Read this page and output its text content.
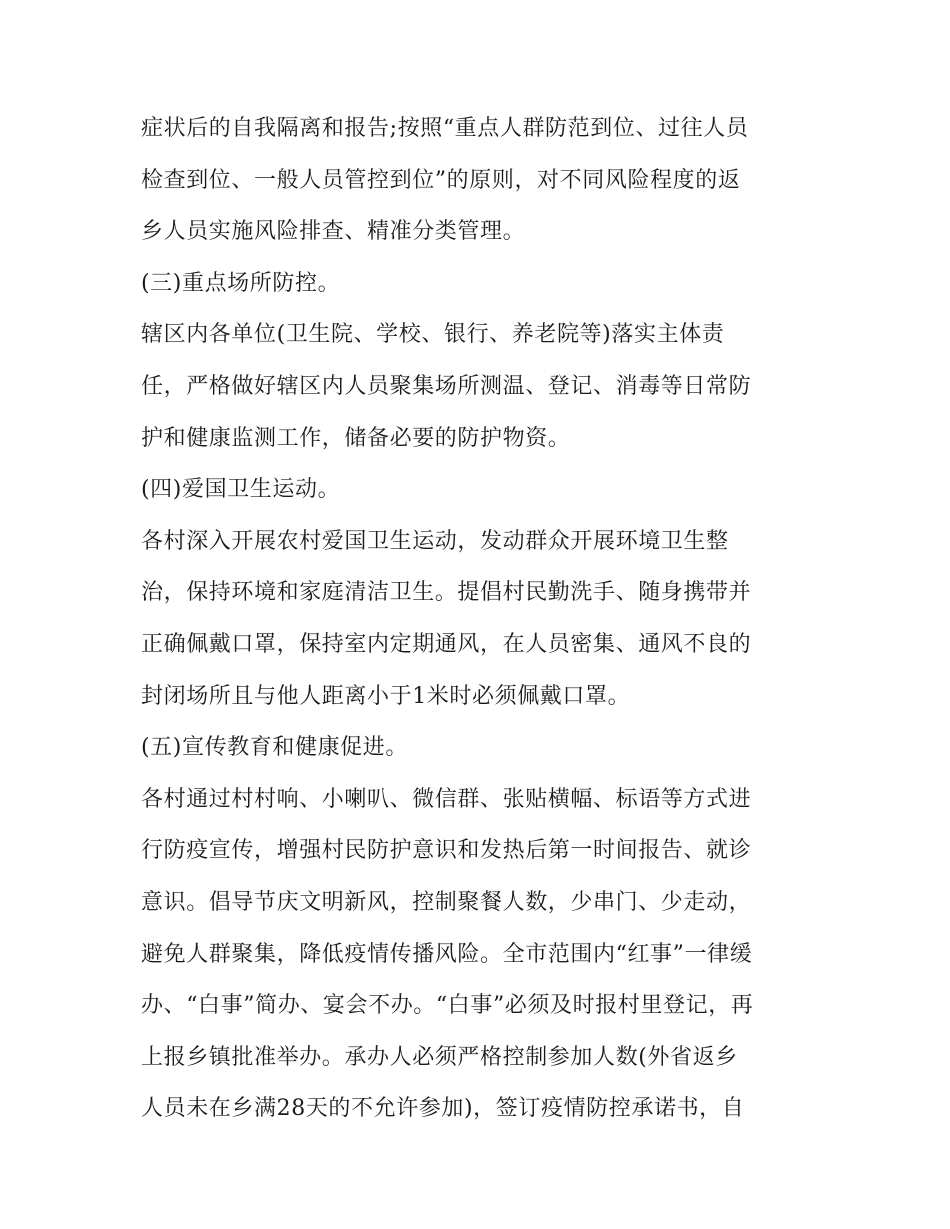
症状后的自我隔离和报告;按照“重点人群防范到位、过往人员
检查到位、一般人员管控到位”的原则，对不同风险程度的返
乡人员实施风险排查、精准分类管理。
(三)重点场所防控。
辖区内各单位(卫生院、学校、银行、养老院等)落实主体责
任，严格做好辖区内人员聚集场所测温、登记、消毒等日常防
护和健康监测工作，储备必要的防护物资。
(四)爱国卫生运动。
各村深入开展农村爱国卫生运动，发动群众开展环境卫生整
治，保持环境和家庭清洁卫生。提倡村民勤洗手、随身携带并
正确佩戴口罩，保持室内定期通风，在人员密集、通风不良的
封闭场所且与他人距离小于1米时必须佩戴口罩。
(五)宣传教育和健康促进。
各村通过村村响、小喇叭、微信群、张贴横幅、标语等方式进
行防疫宣传，增强村民防护意识和发热后第一时间报告、就诊
意识。倡导节庆文明新风，控制聚餐人数，少串门、少走动，
避免人群聚集，降低疫情传播风险。全市范围内“红事”一律缓
办、“白事”简办、宴会不办。“白事”必须及时报村里登记，再
上报乡镇批准举办。承办人必须严格控制参加人数(外省返乡
人员未在乡满28天的不允许参加)，签订疫情防控承诺书，自
